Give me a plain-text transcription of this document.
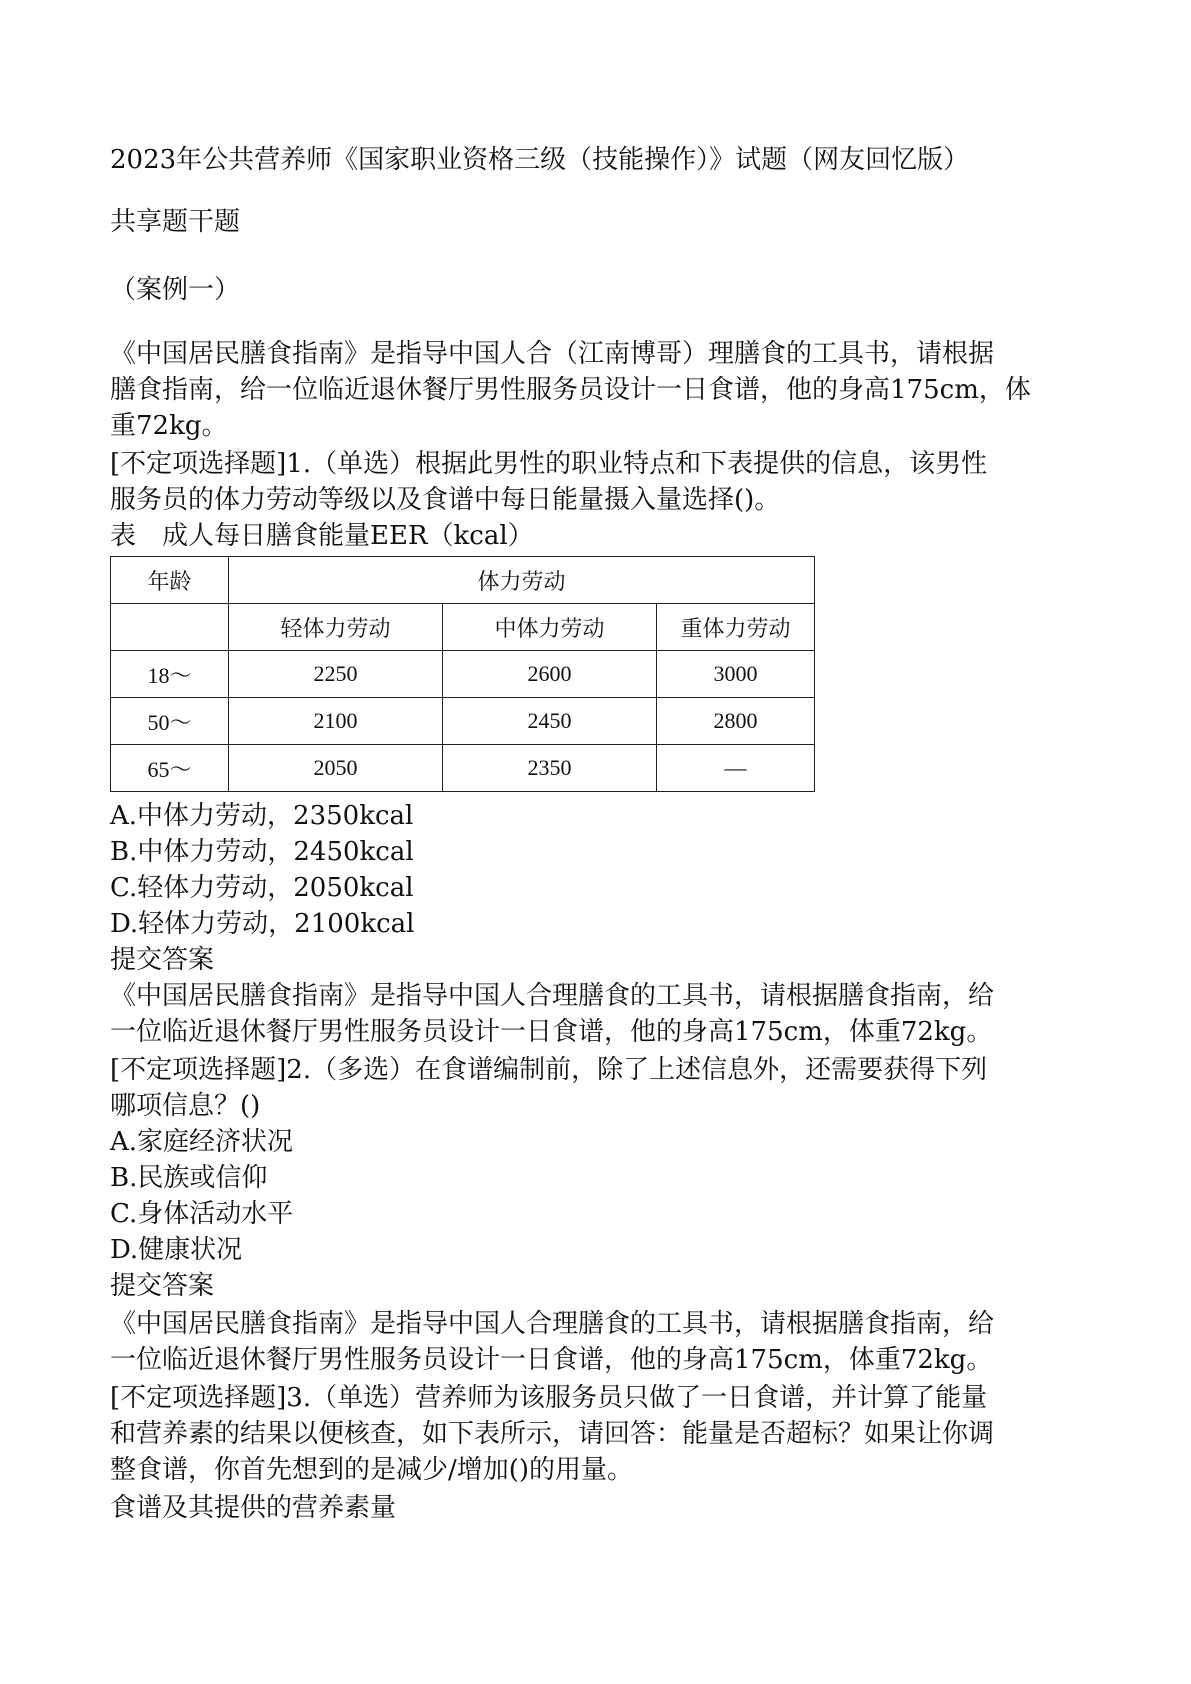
2023年公共营养师《国家职业资格三级（技能操作）》试题（网友回忆版）
共享题干题
（案例一）
《中国居民膳食指南》是指导中国人合（江南博哥）理膳食的工具书，请根据
膳食指南，给一位临近退休餐厅男性服务员设计一日食谱，他的身高175cm，体
重72kg。
[不定项选择题]1.（单选）根据此男性的职业特点和下表提供的信息，该男性
服务员的体力劳动等级以及食谱中每日能量摄入量选择()。
表　成人每日膳食能量EER（kcal）
年龄	体力劳动		
	轻体力劳动	中体力劳动	重体力劳动
18～	2250	2600	3000
50～	2100	2450	2800
65～	2050	2350	—
A.中体力劳动，2350kcal
B.中体力劳动，2450kcal
C.轻体力劳动，2050kcal
D.轻体力劳动，2100kcal
提交答案
《中国居民膳食指南》是指导中国人合理膳食的工具书，请根据膳食指南，给
一位临近退休餐厅男性服务员设计一日食谱，他的身高175cm，体重72kg。
[不定项选择题]2.（多选）在食谱编制前，除了上述信息外，还需要获得下列
哪项信息？()
A.家庭经济状况
B.民族或信仰
C.身体活动水平
D.健康状况
提交答案
《中国居民膳食指南》是指导中国人合理膳食的工具书，请根据膳食指南，给
一位临近退休餐厅男性服务员设计一日食谱，他的身高175cm，体重72kg。
[不定项选择题]3.（单选）营养师为该服务员只做了一日食谱，并计算了能量
和营养素的结果以便核查，如下表所示，请回答：能量是否超标？如果让你调
整食谱，你首先想到的是减少/增加()的用量。
食谱及其提供的营养素量
